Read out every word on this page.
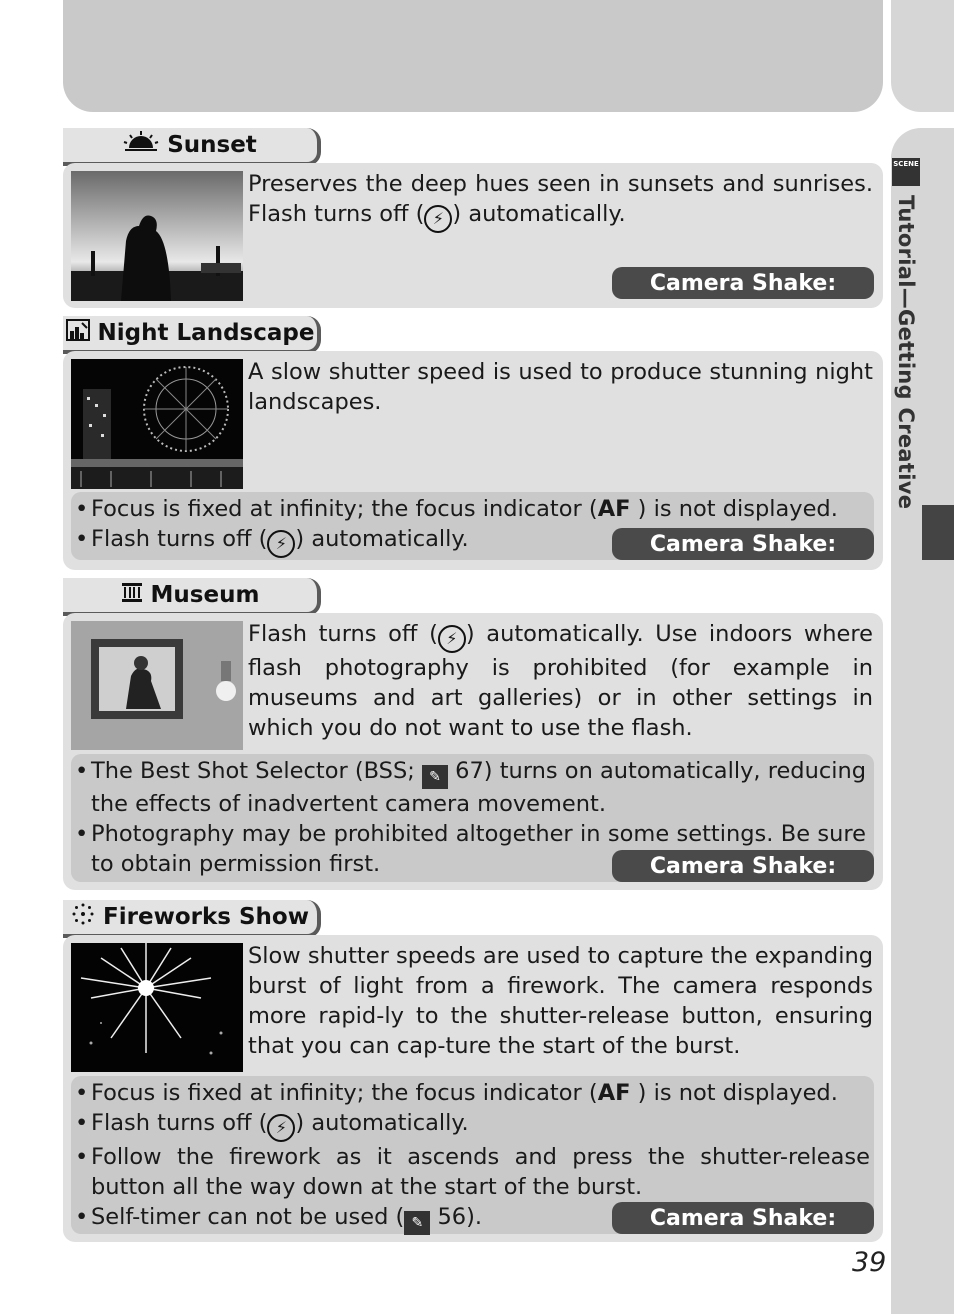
SCENE
Tutorial—Getting Creative
Sunset
Preserves the deep hues seen in sunsets and sunrises. Flash turns off ( ⚡ ) automatically.
Camera Shake:
Night Landscape
A slow shutter speed is used to produce stunning night landscapes.
• Focus is fixed at infinity; the focus indicator (AF ) is not displayed.
• Flash turns off ( ⚡ ) automatically.	Camera Shake:
Museum
Flash turns off ( ⚡ ) automatically. Use indoors where flash photography is prohibited (for example in museums and art galleries) or in other settings in which you do not want to use the flash.
• The Best Shot Selector (BSS; ✎ 67) turns on automatically, reducing the effects of inadvertent camera movement.
• Photography may be prohibited altogether in some settings. Be sure to obtain permission first.	Camera Shake:
Fireworks Show
Slow shutter speeds are used to capture the expanding burst of light from a firework. The camera responds more rapid-ly to the shutter-release button, ensuring that you can cap-ture the start of the burst.
• Focus is fixed at infinity; the focus indicator (AF ) is not displayed.
• Flash turns off ( ⚡ ) automatically.
• Follow the firework as it ascends and press the shutter-release button all the way down at the start of the burst.
• Self-timer can not be used ( ✎ 56).	Camera Shake:
39
